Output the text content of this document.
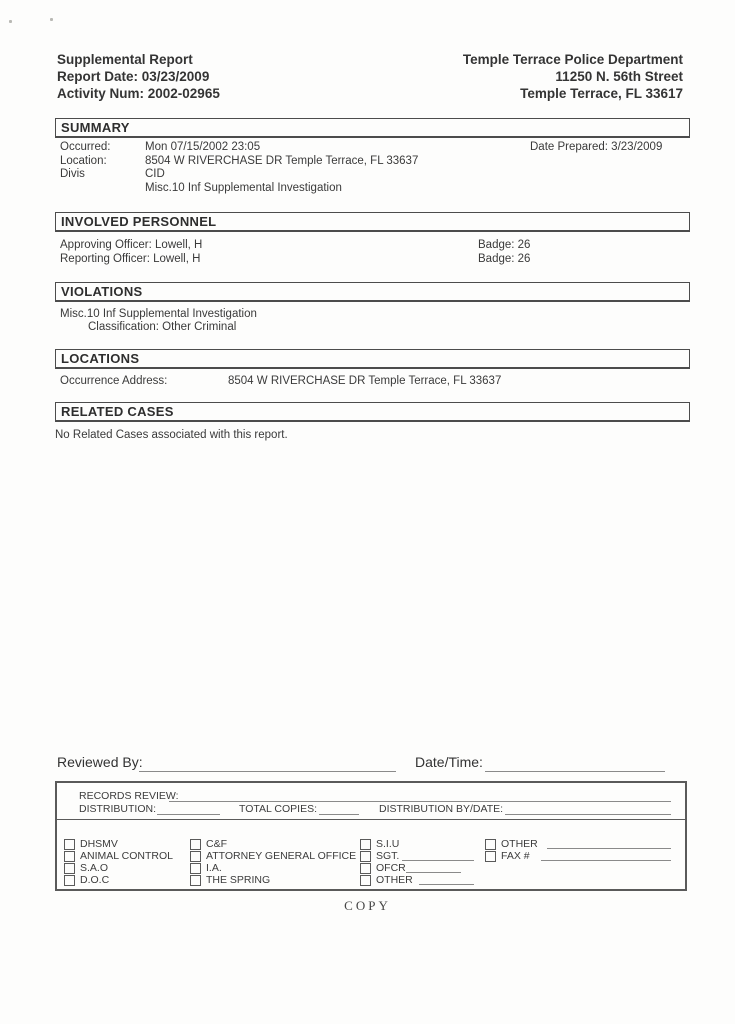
Supplemental Report
Report Date: 03/23/2009
Activity Num: 2002-02965
Temple Terrace Police Department
11250 N. 56th Street
Temple Terrace, FL 33617
SUMMARY
Occurred:	Mon 07/15/2002 23:05	Date Prepared: 3/23/2009
Location:	8504 W RIVERCHASE DR Temple Terrace, FL 33637
Divis	CID
Misc.10 Inf Supplemental Investigation
INVOLVED PERSONNEL
Approving Officer: Lowell, H	Badge: 26
Reporting Officer: Lowell, H	Badge: 26
VIOLATIONS
Misc.10 Inf Supplemental Investigation
Classification: Other Criminal
LOCATIONS
Occurrence Address:	8504 W RIVERCHASE DR Temple Terrace, FL 33637
RELATED CASES
No Related Cases associated with this report.
Reviewed By:	Date/Time:
RECORDS REVIEW:
DISTRIBUTION:	TOTAL COPIES:	DISTRIBUTION BY/DATE:
DHSMV
ANIMAL CONTROL
S.A.O
D.O.C
C&F
ATTORNEY GENERAL OFFICE
I.A.
THE SPRING
S.I.U
SGT.
OFCR
OTHER
OTHER
FAX #
COPY
